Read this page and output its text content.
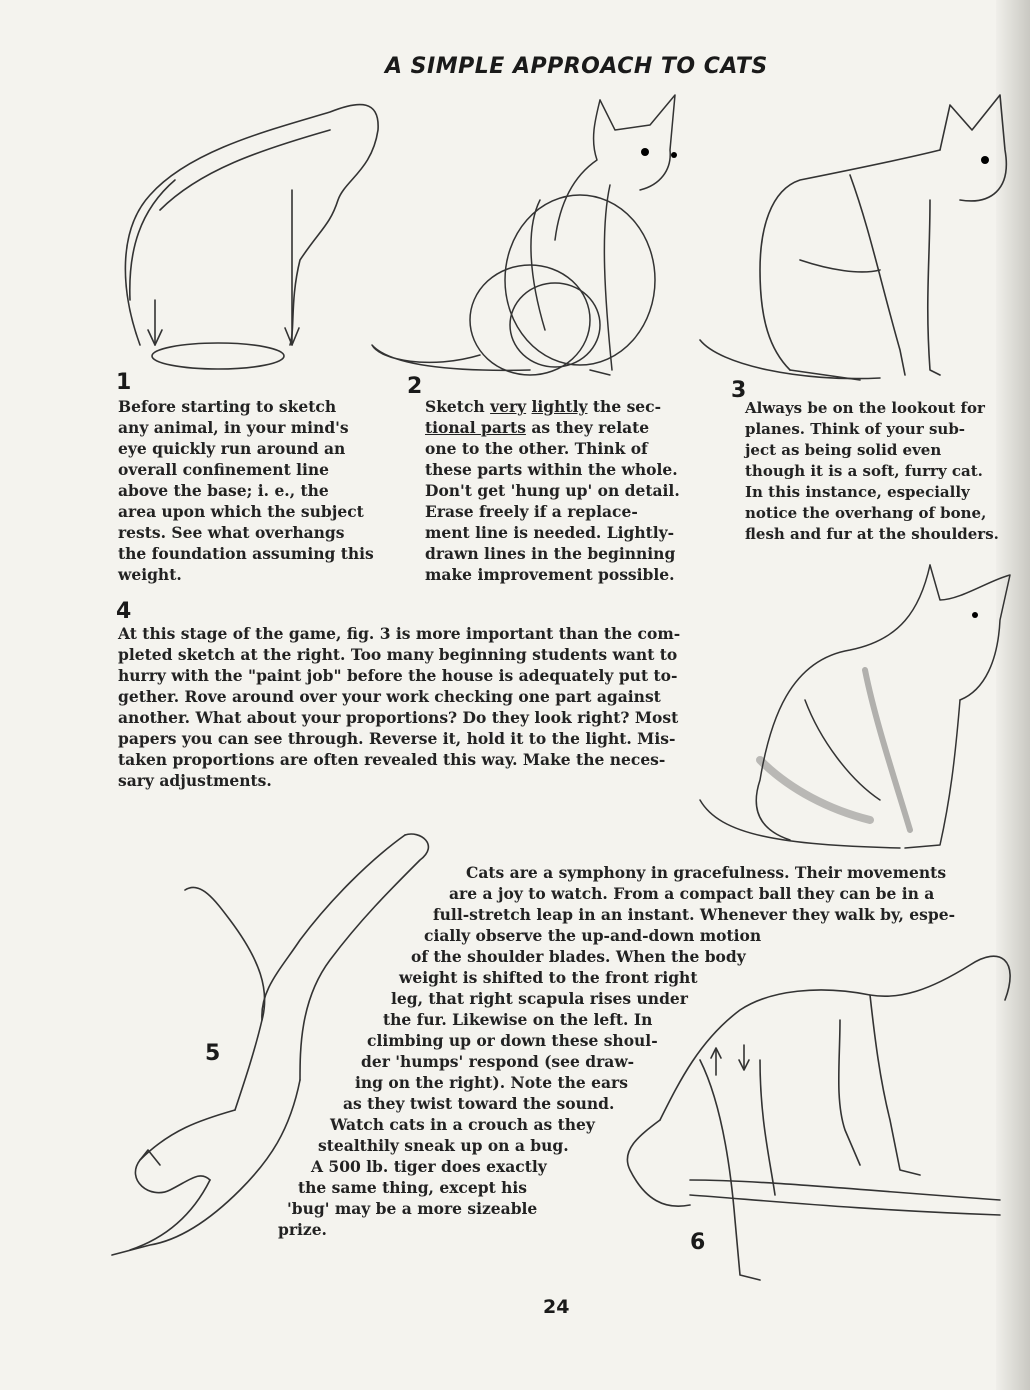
A SIMPLE APPROACH TO CATS
1
Before starting to sketch
any animal, in your mind's
eye quickly run around an
overall confinement line
above the base; i. e., the
area upon which the subject
rests. See what overhangs
the foundation assuming this
weight.
2
Sketch very lightly the sec-
tional parts as they relate
one to the other. Think of
these parts within the whole.
Don't get 'hung up' on detail.
Erase freely if a replace-
ment line is needed. Lightly-
drawn lines in the beginning
make improvement possible.
3
Always be on the lookout for
planes. Think of your sub-
ject as being solid even
though it is a soft, furry cat.
In this instance, especially
notice the overhang of bone,
flesh and fur at the shoulders.
4
At this stage of the game, fig. 3 is more important than the com-
pleted sketch at the right. Too many beginning students want to
hurry with the "paint job" before the house is adequately put to-
gether. Rove around over your work checking one part against
another. What about your proportions? Do they look right? Most
papers you can see through. Reverse it, hold it to the light. Mis-
taken proportions are often revealed this way. Make the neces-
sary adjustments.
Cats are a symphony in gracefulness. Their movements
are a joy to watch. From a compact ball they can be in a
full-stretch leap in an instant. Whenever they walk by, espe-
cially observe the up-and-down motion
of the shoulder blades. When the body
weight is shifted to the front right
leg, that right scapula rises under
the fur. Likewise on the left. In
climbing up or down these shoul-
der 'humps' respond (see draw-
ing on the right). Note the ears
as they twist toward the sound.
Watch cats in a crouch as they
stealthily sneak up on a bug.
A 500 lb. tiger does exactly
the same thing, except his
'bug' may be a more sizeable
prize.
5
6
24
